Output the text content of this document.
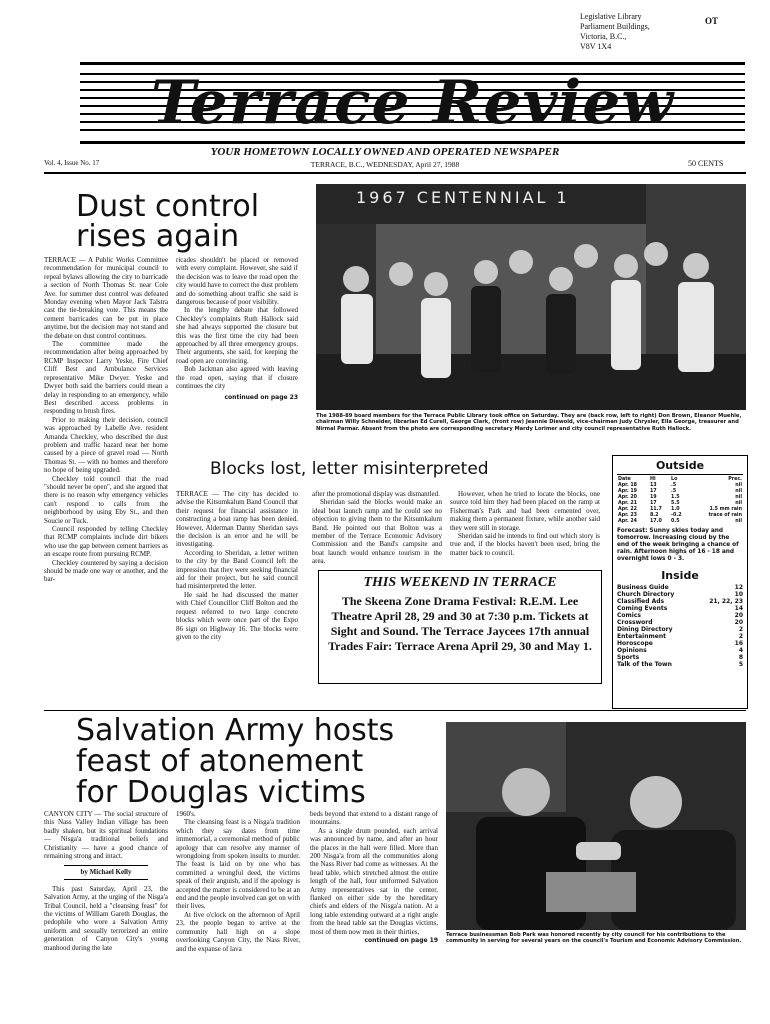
Legislative Library
Parliament Buildings,
Victoria, B.C.,
V8V 1X4
OT
Terrace Review
YOUR HOMETOWN LOCALLY OWNED AND OPERATED NEWSPAPER
Vol. 4, Issue No. 17	TERRACE, B.C., WEDNESDAY, April 27, 1988	50 CENTS
Dust control
rises again

TERRACE — A Public Works Committee recommendation for municipal council to repeal bylaws allowing the city to barricade a section of North Thomas St. near Cole Ave. for summer dust control was defeated Monday evening when Mayor Jack Talstra cast the tie-breaking vote. This means the cement barricades can be put in place anytime, but the decision may not stand and the debate on dust control continues.

The committee made the recommendation after being approached by RCMP Inspector Larry Yeske, Fire Chief Cliff Best and Ambulance Services representative Mike Dwyer. Yeske and Dwyer both said the barriers could mean a delay in responding to an emergency, while Best described access problems in responding to brush fires.

Prior to making their decision, council was approached by Labelle Ave. resident Amanda Checkley, who described the dust problem and traffic hazard near her home caused by a piece of gravel road — North Thomas St. — with no homes and therefore no hope of being upgraded.

Checkley told council that the road "should never be open", and she argued that there is no reason why emergency vehicles can't respond to calls from the neighborhood by using Eby St., and then Soucie or Tuck.

Council responded by telling Checkley that RCMP complaints include dirt bikers who use the gap between cement barriers as an escape route from pursuing RCMP.

Checkley countered by saying a decision should be made one way or another, and the bar-

ricades shouldn't be placed or removed with every complaint. However, she said if the decision was to leave the road open the city would have to correct the dust problem and do something about traffic she said is dangerous because of poor visibility.

In the lengthy debate that followed Checkley's complaints Ruth Hallock said she had always supported the closure but this was the first time the city had been approached by all three emergency groups. Their arguments, she said, for keeping the road open are convincing.

Bob Jackman also agreed with leaving the road open, saying that if closure continues the city

continued on page 23
1967 CENTENNIAL 1
The 1988-89 board members for the Terrace Public Library took office on Saturday. They are (back row, left to right) Don Brown, Eleanor Muehle, chairman Willy Schneider, librarian Ed Curell, George Clark, (front row) Jeannie Diewold, vice-chairman Judy Chrysler, Ella George, treasurer and Nirmal Parmar. Absent from the photo are corresponding secretary Mardy Lorimer and city council representative Ruth Hallock.
Blocks lost, letter misinterpreted

TERRACE — The city has decided to advise the Kitsumkalum Band Council that their request for financial assistance in constructing a boat ramp has been denied. However, Alderman Danny Sheridan says the decision is an error and he will be investigating.

According to Sheridan, a letter written to the city by the Band Council left the impression that they were seeking financial aid for their project, but he said council had misinterpreted the letter.

He said he had discussed the matter with Chief Councillor Cliff Bolton and the request referred to two large concrete blocks which were once part of the Expo 86 sign on Highway 16. The blocks were given to the city

after the promotional display was dismantled.

Sheridan said the blocks would make an ideal boat launch ramp and he could see no objection to giving them to the Kitsumkalum Band. He pointed out that Bolton was a member of the Terrace Economic Advisory Commission and the Band's campsite and boat launch would enhance tourism in the area.

However, when he tried to locate the blocks, one source told him they had been placed on the ramp at Fisherman's Park and had been cemented over, making them a permanent fixture, while another said they were still in storage.

Sheridan said he intends to find out which story is true and, if the blocks haven't been used, bring the matter back to council.

THIS WEEKEND IN TERRACE
The Skeena Zone Drama Festival: R.E.M. Lee Theatre April 28, 29 and 30 at 7:30 p.m. Tickets at Sight and Sound. The Terrace Jaycees 17th annual Trades Fair: Terrace Arena April 29, 30 and May 1.
Outside
Date	Hi	Lo	Prec.
Apr. 18	13	.5	nil
Apr. 19	17	.5	nil
Apr. 20	19	1.5	nil
Apr. 21	17	5.5	nil
Apr. 22	11.7	1.0	1.5 mm rain
Apr. 23	8.2	-0.2	trace of rain
Apr. 24	17.0	0.5	nil
Forecast: Sunny skies today and tomorrow. Increasing cloud by the end of the week bringing a chance of rain. Afternoon highs of 16 - 18 and overnight lows 0 - 3.
Inside
Business Guide	12
Church Directory	10
Classified Ads	21, 22, 23
Coming Events	14
Comics	20
Crossword	20
Dining Directory	2
Entertainment	2
Horoscope	16
Opinions	4
Sports	8
Talk of the Town	5
Salvation Army hosts
feast of atonement
for Douglas victims

CANYON CITY — The social structure of this Nass Valley Indian village has been badly shaken, but its spiritual foundations — Nisga'a traditional beliefs and Christianity — have a good chance of remaining strong and intact.

by Michael Kelly

This past Saturday, April 23, the Salvation Army, at the urging of the Nisga'a Tribal Council, held a "cleansing feast" for the victims of William Gareth Douglas, the pedophile who wore a Salvation Army uniform and sexually terrorized an entire generation of Canyon City's young manhood during the late

1960's.

The cleansing feast is a Nisga'a tradition which they say dates from time immemorial, a ceremonial method of public apology that can resolve any manner of wrongdoing from spoken insults to murder. The feast is laid on by one who has committed a wrongful deed, the victims speak of their anguish, and if the apology is accepted the matter is considered to be at an end and the people involved can get on with their lives.

At five o'clock on the afternoon of April 23, the people began to arrive at the community hall high on a slope overlooking Canyon City, the Nass River, and the expanse of lava

beds beyond that extend to a distant range of mountains.

As a single drum pounded, each arrival was announced by name, and after an hour the places in the hall were filled. More than 200 Nisga'a from all the communities along the Nass River had come as witnesses. At the head table, which stretched almost the entire length of the hall, four uniformed Salvation Army representatives sat in the center, flanked on either side by the hereditary chiefs and elders of the Nisga'a nation. At a long table extending outward at a right angle from the head table sat the Douglas victims, most of them now men in their thirties,

continued on page 19
Terrace businessman Bob Park was honored recently by city council for his contributions to the community in serving for several years on the council's Tourism and Economic Advisory Commission.
